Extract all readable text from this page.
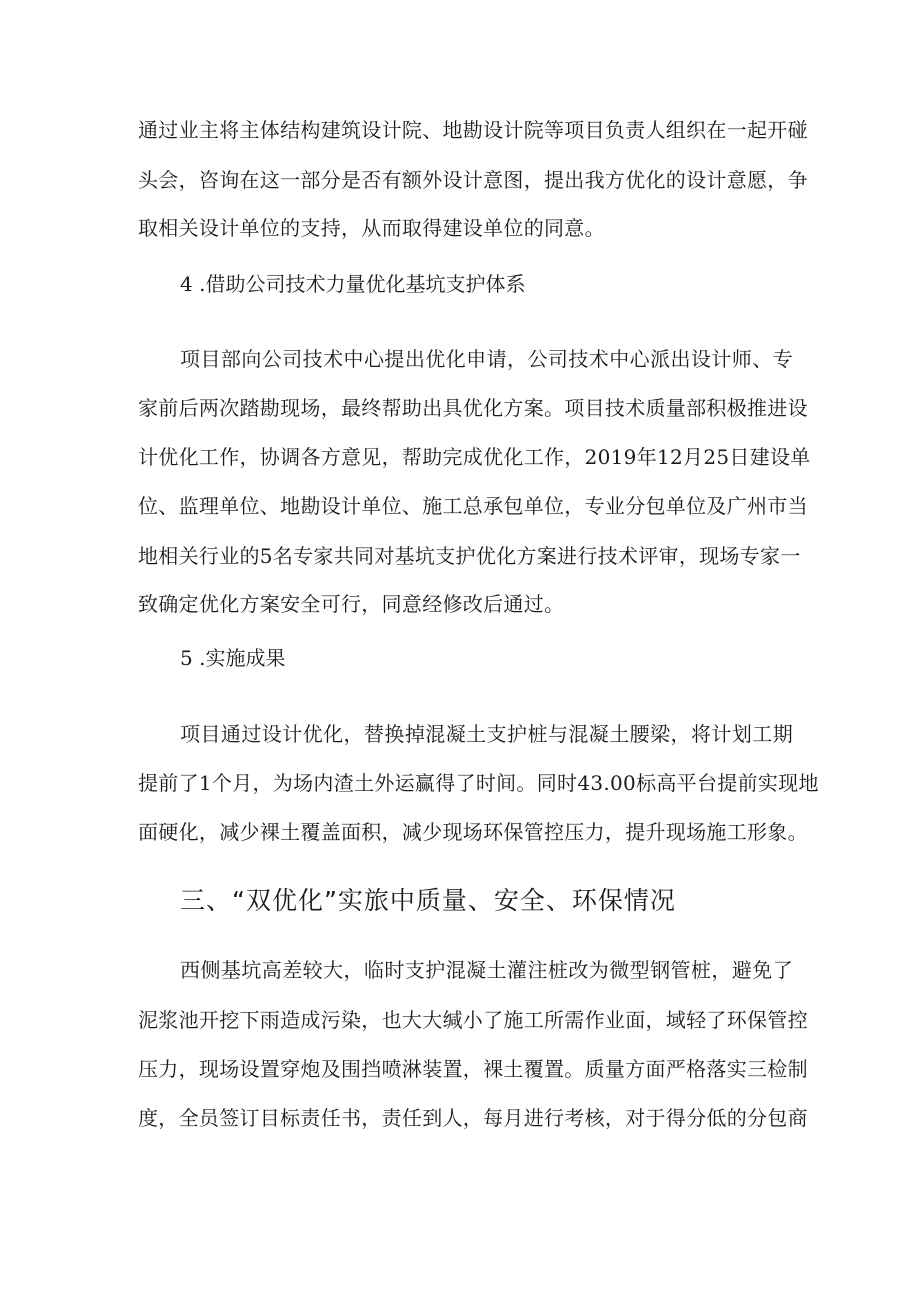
通过业主将主体结构建筑设计院、地勘设计院等项目负责人组织在一起开碰
头会，咨询在这一部分是否有额外设计意图，提出我方优化的设计意愿，争
取相关设计单位的支持，从而取得建设单位的同意。
4 .借助公司技术力量优化基坑支护体系
项目部向公司技术中心提出优化申请，公司技术中心派出设计师、专
家前后两次踏勘现场，最终帮助出具优化方案。项目技术质量部积极推进设
计优化工作，协调各方意见，帮助完成优化工作，2019年12月25日建设单
位、监理单位、地勘设计单位、施工总承包单位，专业分包单位及广州市当
地相关行业的5名专家共同对基坑支护优化方案进行技术评审，现场专家一
致确定优化方案安全可行，同意经修改后通过。
5 .实施成果
项目通过设计优化，替换掉混凝土支护桩与混凝土腰梁，将计划工期
提前了1个月，为场内渣土外运赢得了时间。同时43.00标高平台提前实现地
面硬化，减少裸土覆盖面积，减少现场环保管控压力，提升现场施工形象。
三、“双优化”实旅中质量、安全、环保情况
西侧基坑高差较大，临时支护混凝土灌注桩改为微型钢管桩，避免了
泥浆池开挖下雨造成污染，也大大缄小了施工所需作业面，域轻了环保管控
压力，现场设置穿炮及围挡喷淋装置，裸土覆置。质量方面严格落实三检制
度，全员签订目标责任书，责任到人，每月进行考核，对于得分低的分包商
